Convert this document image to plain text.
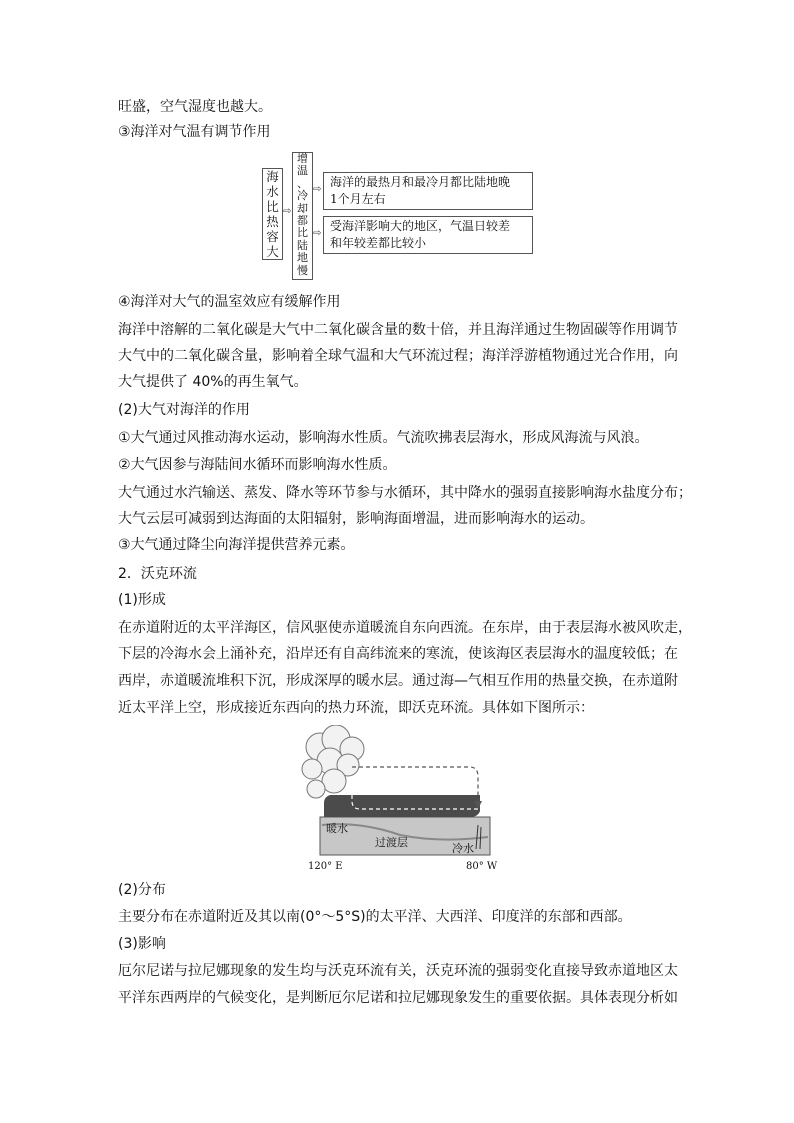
旺盛，空气湿度也越大。
③海洋对气温有调节作用
海
水
比
热
容
大
⇨
增
温
、
冷
却
都
比
陆
地
慢
⇨
⇨
海洋的最热月和最冷月都比陆地晚
1个月左右
受海洋影响大的地区，气温日较差
和年较差都比较小
④海洋对大气的温室效应有缓解作用
海洋中溶解的二氧化碳是大气中二氧化碳含量的数十倍，并且海洋通过生物固碳等作用调节
大气中的二氧化碳含量，影响着全球气温和大气环流过程；海洋浮游植物通过光合作用，向
大气提供了 40%的再生氧气。
(2)大气对海洋的作用
①大气通过风推动海水运动，影响海水性质。气流吹拂表层海水，形成风海流与风浪。
②大气因参与海陆间水循环而影响海水性质。
大气通过水汽输送、蒸发、降水等环节参与水循环，其中降水的强弱直接影响海水盐度分布；
大气云层可减弱到达海面的太阳辐射，影响海面增温，进而影响海水的运动。
③大气通过降尘向海洋提供营养元素。
2．沃克环流
(1)形成
在赤道附近的太平洋海区，信风驱使赤道暖流自东向西流。在东岸，由于表层海水被风吹走，
下层的冷海水会上涌补充，沿岸还有自高纬流来的寒流，使该海区表层海水的温度较低；在
西岸，赤道暖流堆积下沉，形成深厚的暖水层。通过海—气相互作用的热量交换，在赤道附
近太平洋上空，形成接近东西向的热力环流，即沃克环流。具体如下图所示：
暖水
过渡层	冷水
120° E	80° W
(2)分布
主要分布在赤道附近及其以南(0°～5°S)的太平洋、大西洋、印度洋的东部和西部。
(3)影响
厄尔尼诺与拉尼娜现象的发生均与沃克环流有关，沃克环流的强弱变化直接导致赤道地区太
平洋东西两岸的气候变化，是判断厄尔尼诺和拉尼娜现象发生的重要依据。具体表现分析如
